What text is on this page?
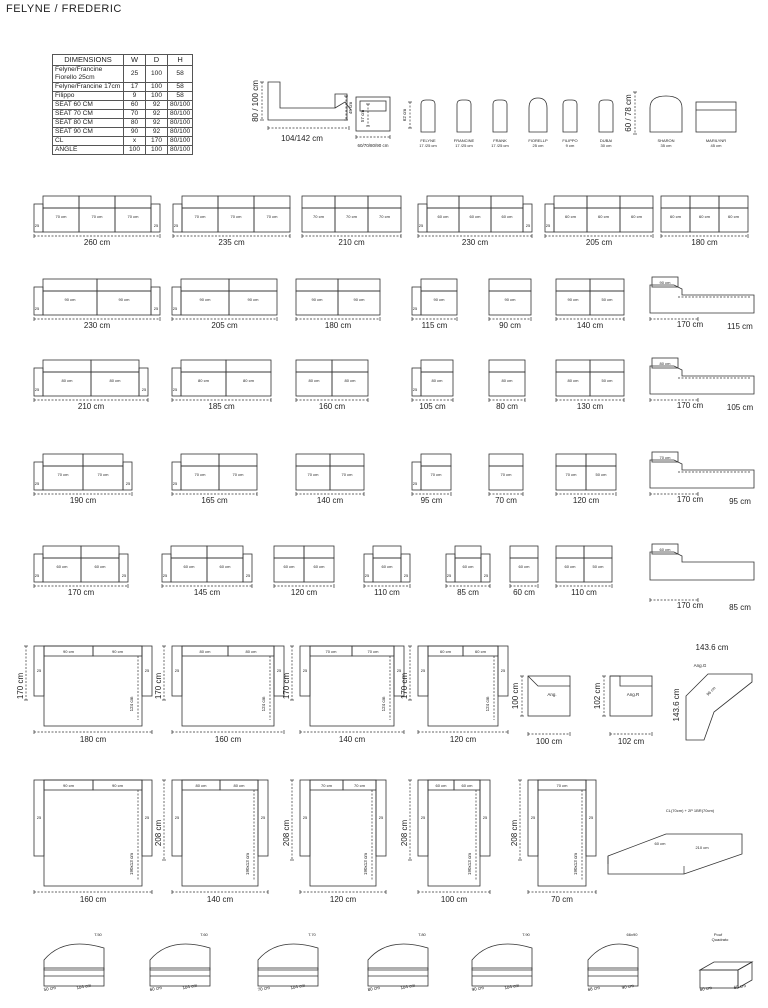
FELYNE / FREDERIC
DIMENSIONS	W	D	H
Felyne/Francine Fiorello 25cm	25	100	58
Felyne/Francine 17cm	17	100	58
Filippo	9	100	58
SEAT 60 CM	60	92	80/100
SEAT 70 CM	70	92	80/100
SEAT 80 CM	80	92	80/100
SEAT 90 CM	90	92	80/100
CL	x	170	80/100
ANGLE	100	100	80/100
80 / 100 cm	45 cm
104/142 cm
57 cm
60/70/80/90 cm
62 cm	60 / 78 cm
FELYNE
17 /25 cm
FRANCINE
17 /25 cm
FRANK
17 /25 cm
FIORELLP
25 cm
FILIPPO
9 cm
DUBAI
30 cm
SHARON
35 cm
MARILYNR
45 cm
25
70 cm	70 cm	70 cm
25
260 cm
25
70 cm	70 cm	70 cm
235 cm
70 cm	70 cm	70 cm
210 cm
25
60 cm	60 cm	60 cm
25
230 cm
25
60 cm	60 cm	60 cm
205 cm
60 cm	60 cm	60 cm
180 cm
25
90 cm	90 cm
25
230 cm
25
90 cm	90 cm
205 cm
90 cm	90 cm
180 cm
25
90 cm
115 cm
90 cm
90 cm
90 cm	50 cm
140 cm
90 cm
170 cm	115 cm
25
80 cm	80 cm
25
210 cm
25
80 cm	80 cm
185 cm
80 cm	80 cm
160 cm
25
80 cm
105 cm
80 cm
80 cm
80 cm	50 cm
130 cm
80 cm
170 cm	105 cm
25
70 cm	70 cm
25
190 cm
25
70 cm	70 cm
165 cm
70 cm	70 cm
140 cm
25
70 cm
95 cm
70 cm
70 cm
70 cm	50 cm
120 cm
70 cm
170 cm	95 cm
25
60 cm	60 cm
25
170 cm
25
60 cm	60 cm
25
145 cm
60 cm	60 cm
120 cm
25
60 cm
25
110 cm
25
60 cm
25
85 cm
60 cm
60 cm
60 cm	50 cm
110 cm
60 cm
170 cm	85 cm
25	25
90 cm	90 cm
124 cm
170 cm
180 cm
25	25
80 cm	80 cm
124 cm
170 cm
160 cm
25	25
70 cm	70 cm
124 cm
170 cm
140 cm
25	25
60 cm	60 cm
124 cm
170 cm
120 cm
Ang.
100 cm
100 cm	Ang.R
102 cm
102 cm
Ang.G
143.6 cm
143.6 cm	96 cm
25	25
90 cm	90 cm
190x13 cm
160 cm
25	25
80 cm	80 cm
190x13 cm
208 cm
140 cm
25	25
70 cm	70 cm
190x13 cm
208 cm
120 cm
25	25
60 cm	60 cm
190x13 cm
208 cm
100 cm
25	25
70 cm
190x13 cm
208 cm
70 cm
CL(70cm) + 2P 1BR(70cm)
210 cm
60 cm
T.50
50 cm	104 cm
T.60
60 cm	104 cm
T.70
70 cm	104 cm
T.80
80 cm	104 cm
T.90
90 cm	104 cm
66x90
66 cm	90 cm
Pouf
Quadrato
60 cm	60 cm
